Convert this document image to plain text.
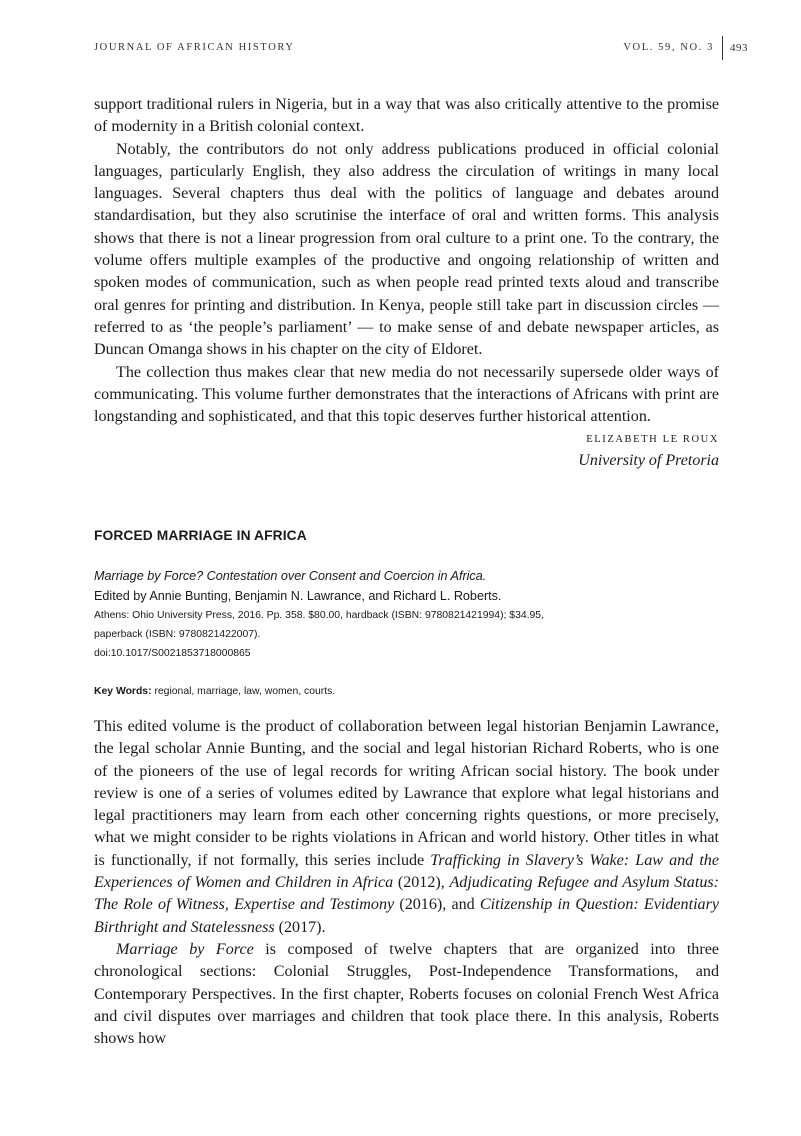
JOURNAL OF AFRICAN HISTORY	VOL. 59, NO. 3 493

support traditional rulers in Nigeria, but in a way that was also critically attentive to the promise of modernity in a British colonial context.

Notably, the contributors do not only address publications produced in official colonial languages, particularly English, they also address the circulation of writings in many local languages. Several chapters thus deal with the politics of language and debates around standardisation, but they also scrutinise the interface of oral and written forms. This analysis shows that there is not a linear progression from oral culture to a print one. To the contrary, the volume offers multiple examples of the productive and ongoing relationship of written and spoken modes of communication, such as when people read printed texts aloud and transcribe oral genres for printing and distribution. In Kenya, people still take part in discussion circles — referred to as ‘the people’s parliament’ — to make sense of and debate newspaper articles, as Duncan Omanga shows in his chapter on the city of Eldoret.

The collection thus makes clear that new media do not necessarily supersede older ways of communicating. This volume further demonstrates that the interactions of Africans with print are longstanding and sophisticated, and that this topic deserves further historical attention.

ELIZABETH LE ROUX
University of Pretoria
FORCED MARRIAGE IN AFRICA
Marriage by Force? Contestation over Consent and Coercion in Africa.
Edited by Annie Bunting, Benjamin N. Lawrance, and Richard L. Roberts.
Athens: Ohio University Press, 2016. Pp. 358. $80.00, hardback (ISBN: 9780821421994); $34.95,
paperback (ISBN: 9780821422007).
doi:10.1017/S0021853718000865
Key Words: regional, marriage, law, women, courts.

This edited volume is the product of collaboration between legal historian Benjamin Lawrance, the legal scholar Annie Bunting, and the social and legal historian Richard Roberts, who is one of the pioneers of the use of legal records for writing African social history. The book under review is one of a series of volumes edited by Lawrance that explore what legal historians and legal practitioners may learn from each other concerning rights questions, or more precisely, what we might consider to be rights violations in African and world history. Other titles in what is functionally, if not formally, this series include Trafficking in Slavery’s Wake: Law and the Experiences of Women and Children in Africa (2012), Adjudicating Refugee and Asylum Status: The Role of Witness, Expertise and Testimony (2016), and Citizenship in Question: Evidentiary Birthright and Statelessness (2017).

Marriage by Force is composed of twelve chapters that are organized into three chronological sections: Colonial Struggles, Post-Independence Transformations, and Contemporary Perspectives. In the first chapter, Roberts focuses on colonial French West Africa and civil disputes over marriages and children that took place there. In this analysis, Roberts shows how
